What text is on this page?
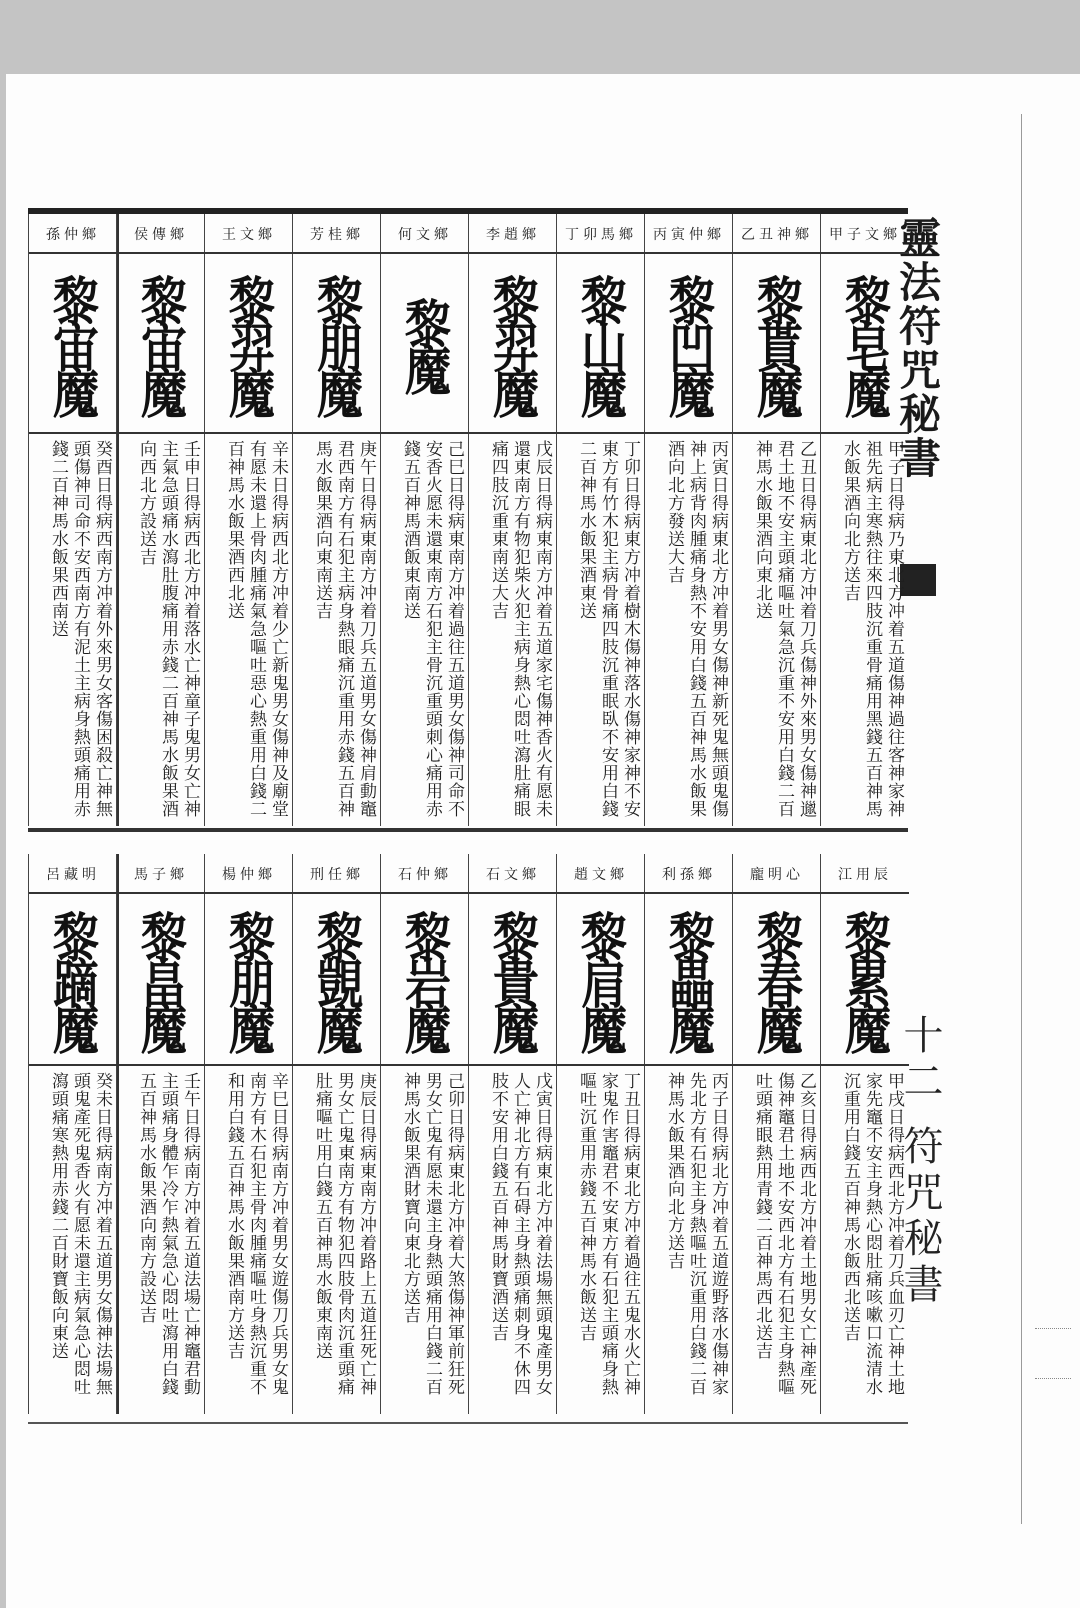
靈法符咒秘書
十二 符咒秘書
甲子文鄉
黎皂魔
甲子日得病乃東北方冲着五道傷神過往客神家神祖先病主寒熱往來四肢沉重骨痛用黑錢五百神馬水飯果酒向北方送吉
乙丑神鄉
黎貰魔
乙丑日得病東北方冲着刀兵傷神外來男女傷神邋君土地不安主頭痛嘔吐氣急沉重不安用白錢二百神馬水飯果酒向東北送
丙寅仲鄉
黎凹魔
丙寅日得病東北方冲着男女傷神新死鬼無頭鬼傷神上病背肉腫痛身熱不安用白錢五百神馬水飯果酒向北方發送大吉
丁卯馬鄉
黎山魔
丁卯日得病東方冲着樹木傷神落水傷神家神不安東方有竹木犯主病骨痛四肢沉重眠臥不安用白錢二百神馬水飯果酒東送
李趙鄉
黎羿魔
戊辰日得病東南方冲着五道家宅傷神香火有愿未還東南方有物犯柴火犯主病身熱心悶吐瀉肚痛眼痛四肢沉重東南送大吉
何文鄉
黎魔
己巳日得病東南方冲着過往五道男女傷神司命不安香火愿未還東南方石犯主骨沉重頭刺心痛用赤錢五百神馬酒飯東南送
芳桂鄉
黎朋魔
庚午日得病東南方冲着刀兵五道男女傷神肩動竈君西南方有石犯主病身熱眼痛沉重用赤錢五百神馬水飯果酒向東南送吉
王文鄉
黎羿魔
辛未日得病西北方冲着少亡新鬼男女傷神及廟堂有愿未還上骨肉腫痛氣急嘔吐惡心熱重用白錢二百神馬水飯果酒西北送
侯傳鄉
黎宙魔
壬申日得病西北方冲着落水亡神童子鬼男女亡神主氣急頭痛水瀉肚腹痛用赤錢二百神馬水飯果酒向西北方設送吉
孫仲鄉
黎宙魔
癸酉日得病西南方冲着外來男女客傷困殺亡神無頭傷神司命不安西南方有泥土主病身熱頭痛用赤錢二百神馬水飯果西南送
江用辰
黎累魔
甲戌日得病西北方冲着刀兵血刃亡神土地家先竈不安主身熱心悶肚痛咳嗽口流清水沉重用白錢五百神馬水飯西北送吉
龐明心
黎春魔
乙亥日得病西北方冲着土地男女亡神產死傷神竈君土地不安西北方有石犯主身熱嘔吐頭痛眼熱用青錢二百神馬西北送吉
利孫鄉
黎畾魔
丙子日得病北方冲着五道遊野落水傷神家先北方有石犯主身熱嘔吐沉重用白錢二百神馬水飯果酒向北方送吉
趙文鄉
黎肩魔
丁丑日得病東北方冲着過往五鬼水火亡神家鬼作害竈君不安東方有石犯主頭痛身熱嘔吐沉重用赤錢五百神馬水飯送吉
石文鄉
黎貴魔
戊寅日得病東北方冲着法場無頭鬼產男女人亡神北方有石碍主身熱頭痛刺身不休四肢不安用白錢五百神馬財寶酒送吉
石仲鄉
黎岩魔
己卯日得病東北方冲着大煞傷神軍前狂死男女亡鬼有愿未還主身熱頭痛用白錢二百神馬水飯果酒財寶向東北方送吉
刑任鄉
黎覬魔
庚辰日得病東南方冲着路上五道狂死亡神男女亡鬼東南方有物犯四肢骨肉沉重頭痛肚痛嘔吐用白錢五百神馬水飯東南送
楊仲鄉
黎朋魔
辛巳日得病南方冲着男女遊傷刀兵男女鬼南方有木石犯主骨肉腫痛嘔吐身熱沉重不和用白錢五百神馬水飯果酒南方送吉
馬子鄉
黎畠魔
壬午日得病南方冲着五道法場亡神竈君動主頭痛身體乍冷乍熱氣急心悶吐瀉用白錢五百神馬水飯果酒向南方設送吉
呂藏明
黎蹢魔
癸未日得病南方冲着五道男女傷神法場無頭鬼產死鬼香火有愿未還主病氣急心悶吐瀉頭痛寒熱用赤錢二百財寶飯向東送
